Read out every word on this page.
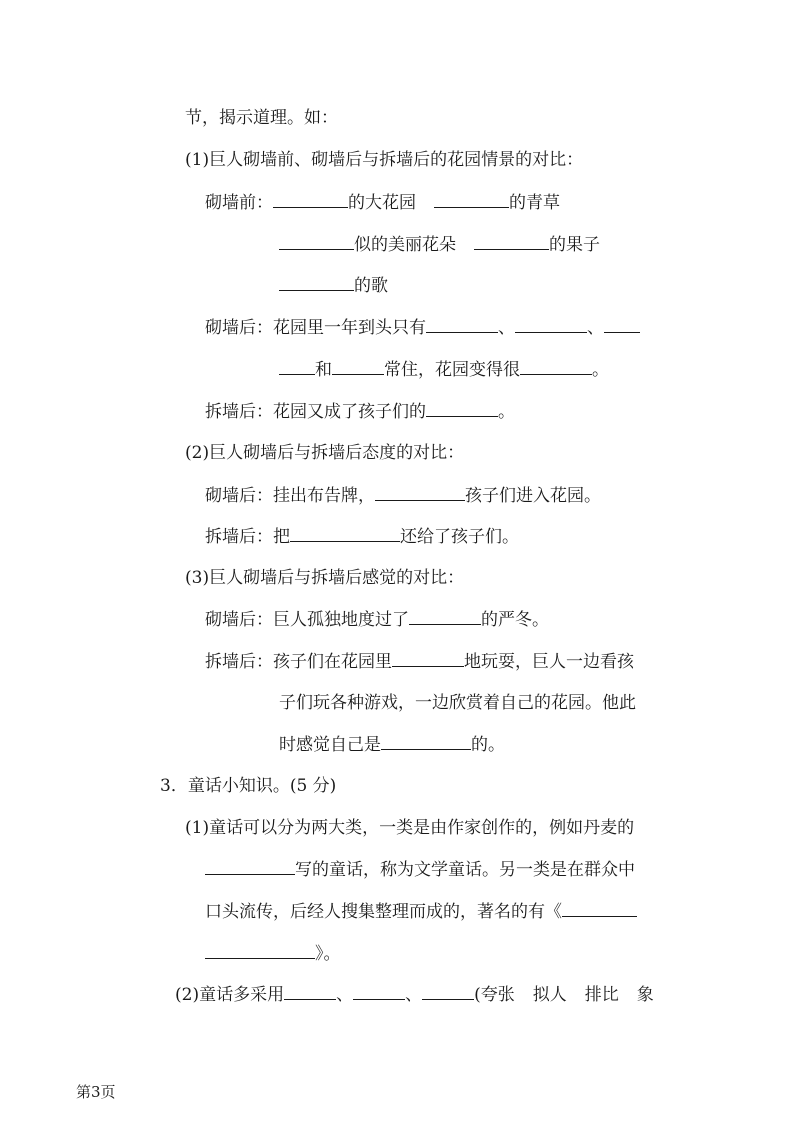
节，揭示道理。如：
(1)巨人砌墙前、砌墙后与拆墙后的花园情景的对比：
砌墙前：	的大花园	的青草
似的美丽花朵	的果子
的歌
砌墙后：花园里一年到头只有	、	、
和	常住，花园变得很	。
拆墙后：花园又成了孩子们的	。
(2)巨人砌墙后与拆墙后态度的对比：
砌墙后：挂出布告牌，	孩子们进入花园。
拆墙后：把	还给了孩子们。
(3)巨人砌墙后与拆墙后感觉的对比：
砌墙后：巨人孤独地度过了	的严冬。
拆墙后：孩子们在花园里	地玩耍，巨人一边看孩
子们玩各种游戏，一边欣赏着自己的花园。他此
时感觉自己是	的。
3．童话小知识。(5 分)
(1)童话可以分为两大类，一类是由作家创作的，例如丹麦的
写的童话，称为文学童话。另一类是在群众中
口头流传，后经人搜集整理而成的，著名的有《
》。
(2)童话多采用	、	、	(夸张 拟人 排比 象
第3页
